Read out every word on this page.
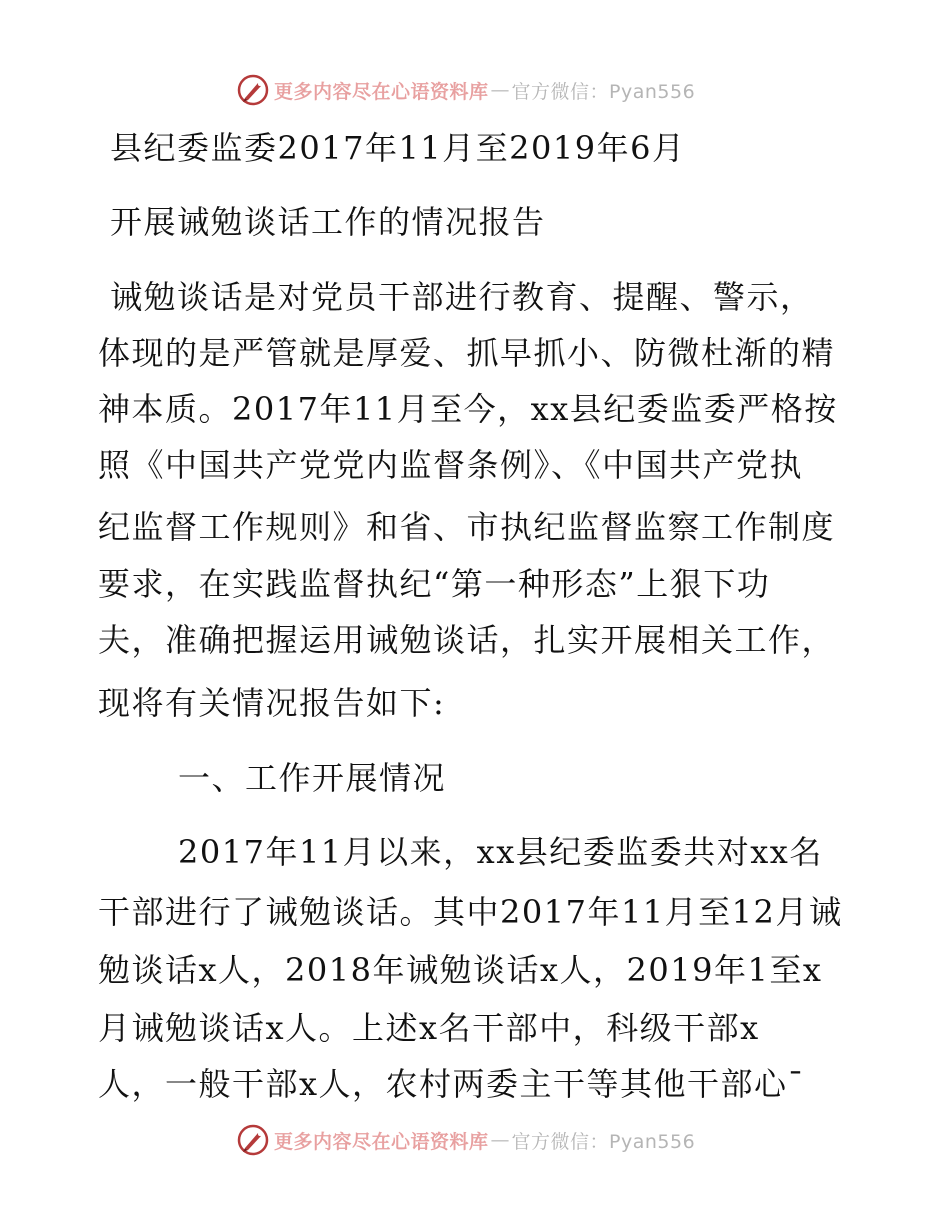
更多内容尽在心语资料库 — 官方微信：Pyan556
县纪委监委2017年11月至2019年6月
开展诫勉谈话工作的情况报告
诫勉谈话是对党员干部进行教育、提醒、警示，
体现的是严管就是厚爱、抓早抓小、防微杜渐的精
神本质。2017年11月至今，xx县纪委监委严格按
照《中国共产党党内监督条例》、《中国共产党执
纪监督工作规则》和省、市执纪监督监察工作制度
要求，在实践监督执纪“第一种形态”上狠下功
夫，准确把握运用诫勉谈话，扎实开展相关工作，
现将有关情况报告如下:
一、工作开展情况
2017年11月以来，xx县纪委监委共对xx名
干部进行了诫勉谈话。其中2017年11月至12月诫
勉谈话x人，2018年诫勉谈话x人，2019年1至x
月诫勉谈话x人。上述x名干部中，科级干部x
人，一般干部x人，农村两委主干等其他干部心¯
更多内容尽在心语资料库 — 官方微信：Pyan556
